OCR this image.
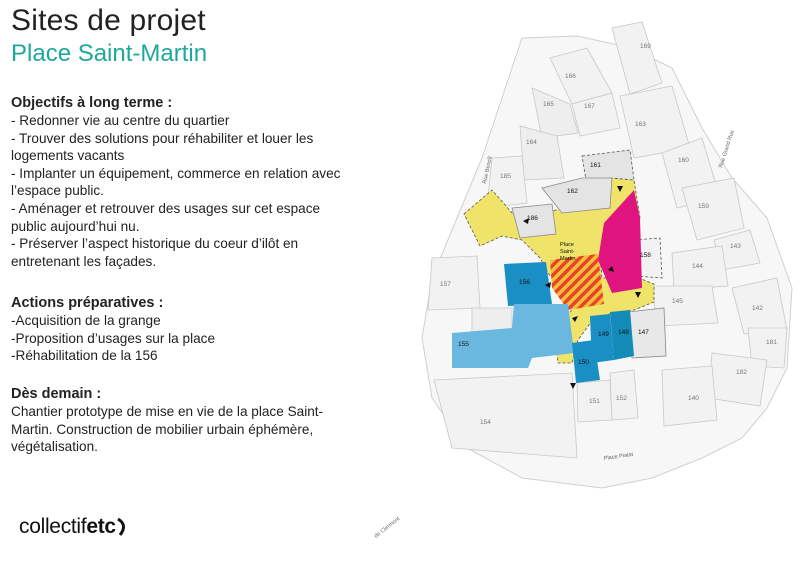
Sites de projet
Place Saint-Martin
Objectifs à long terme :

- Redonner vie au centre du quartier

- Trouver des solutions pour réhabiliter et louer les logements vacants

- Implanter un équipement, commerce en relation avec l’espace public.

- Aménager et retrouver des usages sur cet espace public aujourd’hui nu.

- Préserver l’aspect historique du coeur d’ilôt en entretenant les façades.

Actions préparatives :

-Acquisition de la grange

-Proposition d’usages sur la place

-Réhabilitation de la 156

Dès demain :

Chantier prototype de mise en vie de la place Saint-Martin. Construction de mobilier urbain éphémère, végétalisation.

collectifetc
169
166
165	167
163
164
185
161
162
160
186
159
158
143
144
157	156
145
142
155
149 148 147
181
150
182
151 152	140
154
Place
Saint-
Martin
Rue Benoît
Rue Grand Rue
Place Pialat
de Clermont
